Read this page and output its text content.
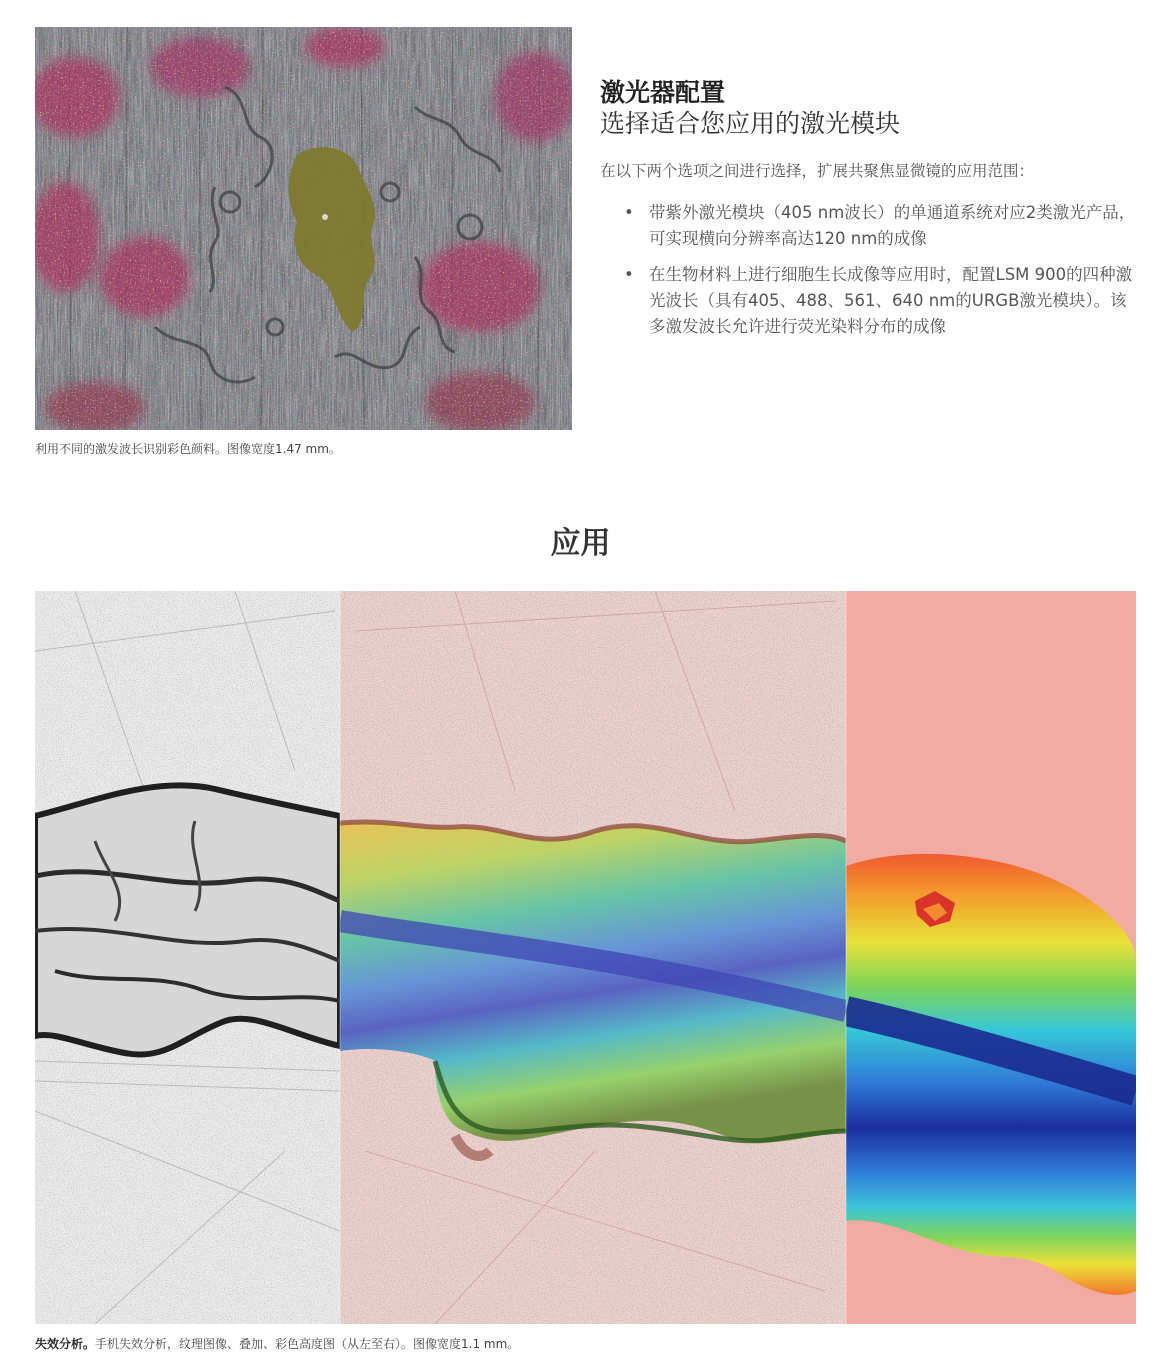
利用不同的激发波长识别彩色颜料。图像宽度1.47 mm。
激光器配置

选择适合您应用的激光模块

在以下两个选项之间进行选择，扩展共聚焦显微镜的应用范围：

• 带紫外激光模块（405 nm波长）的单通道系统对应2类激光产品，可实现横向分辨率高达120 nm的成像
• 在生物材料上进行细胞生长成像等应用时，配置LSM 900的四种激光波长（具有405、488、561、640 nm的URGB激光模块）。该多激发波长允许进行荧光染料分布的成像
应用
失效分析。手机失效分析，纹理图像、叠加、彩色高度图（从左至右）。图像宽度1.1 mm。
